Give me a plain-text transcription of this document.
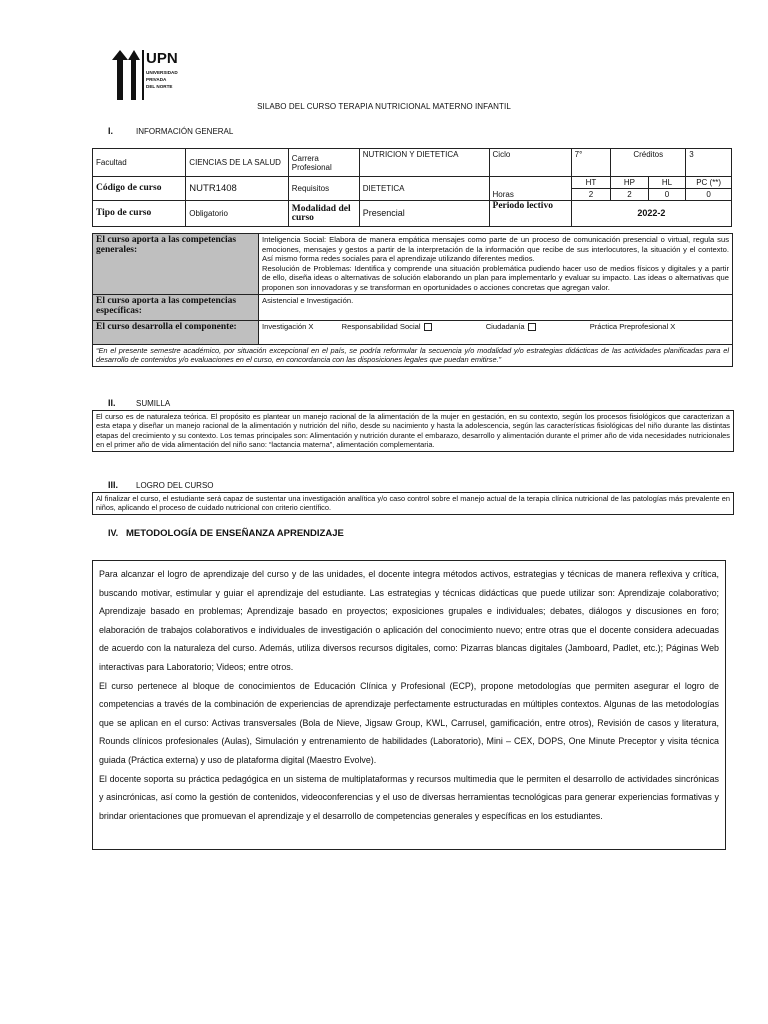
UPN
UNIVERSIDAD
PRIVADA
DEL NORTE
SILABO DEL CURSO TERAPIA NUTRICIONAL MATERNO INFANTIL
I.	INFORMACIÓN GENERAL
Facultad	CIENCIAS DE LA SALUD	Carrera Profesional	NUTRICION Y DIETETICA	Ciclo	7°	Créditos		3
Código de curso	NUTR1408	Requisitos	DIETETICA	Horas	HT	HP	HL	PC (**)
					2	2	0	0
Tipo de curso	Obligatorio	Modalidad del curso	Presencial	Periodo lectivo	2022-2			
El curso aporta a las competencias generales:	Inteligencia Social: Elabora de manera empática mensajes como parte de un proceso de comunicación presencial o virtual, regula sus emociones, mensajes y gestos a partir de la interpretación de la información que recibe de sus interlocutores, la situación y el contexto. Así mismo forma redes sociales para el aprendizaje utilizando diferentes medios.

Resolución de Problemas: Identifica y comprende una situación problemática pudiendo hacer uso de medios físicos y digitales y a partir de ello, diseña ideas o alternativas de solución elaborando un plan para implementarlo y evaluar su impacto. Las ideas o alternativas que proponen son innovadoras y se transforman en oportunidades o acciones concretas que agregan valor.

El curso aporta a las competencias específicas:	Asistencial e Investigación.
El curso desarrolla el componente:	Investigación X Responsabilidad Social Ciudadanía Práctica Preprofesional X
“En el presente semestre académico, por situación excepcional en el país, se podría reformular la secuencia y/o modalidad y/o estrategias didácticas de las actividades planificadas para el desarrollo de contenidos y/o evaluaciones en el curso, en concordancia con las disposiciones legales que puedan emitirse.”	
II.	SUMILLA
El curso es de naturaleza teórica. El propósito es plantear un manejo racional de la alimentación de la mujer en gestación, en su contexto, según los procesos fisiológicos que caracterizan a esta etapa y diseñar un manejo racional de la alimentación y nutrición del niño, desde su nacimiento y hasta la adolescencia, según las características fisiológicas del niño durante las distintas etapas del crecimiento y su contexto. Los temas principales son: Alimentación y nutrición durante el embarazo, desarrollo y alimentación durante el primer año de vida necesidades nutricionales en el primer año de vida alimentación del niño sano: “lactancia materna”, alimentación complementaria.
III.	LOGRO DEL CURSO
Al finalizar el curso, el estudiante será capaz de sustentar una investigación analítica y/o caso control sobre el manejo actual de la terapia clínica nutricional de las patologías más prevalente en niños, aplicando el proceso de cuidado nutricional con criterio científico.
IV. METODOLOGÍA DE ENSEÑANZA APRENDIZAJE

Para alcanzar el logro de aprendizaje del curso y de las unidades, el docente integra métodos activos, estrategias y técnicas de manera reflexiva y crítica, buscando motivar, estimular y guiar el aprendizaje del estudiante. Las estrategias y técnicas didácticas que puede utilizar son: Aprendizaje colaborativo; Aprendizaje basado en problemas; Aprendizaje basado en proyectos; exposiciones grupales e individuales; debates, diálogos y discusiones en foro; elaboración de trabajos colaborativos e individuales de investigación o aplicación del conocimiento nuevo; entre otras que el docente considera adecuadas de acuerdo con la naturaleza del curso. Además, utiliza diversos recursos digitales, como: Pizarras blancas digitales (Jamboard, Padlet, etc.); Páginas Web interactivas para Laboratorio; Videos; entre otros.

El curso pertenece al bloque de conocimientos de Educación Clínica y Profesional (ECP), propone metodologías que permiten asegurar el logro de competencias a través de la combinación de experiencias de aprendizaje perfectamente estructuradas en múltiples contextos. Algunas de las metodologías que se aplican en el curso: Activas transversales (Bola de Nieve, Jigsaw Group, KWL, Carrusel, gamificación, entre otros), Revisión de casos y literatura, Rounds clínicos profesionales (Aulas), Simulación y entrenamiento de habilidades (Laboratorio), Mini – CEX, DOPS, One Minute Preceptor y visita técnica guiada (Práctica externa) y uso de plataforma digital (Maestro Evolve).

El docente soporta su práctica pedagógica en un sistema de multiplataformas y recursos multimedia que le permiten el desarrollo de actividades sincrónicas y asincrónicas, así como la gestión de contenidos, videoconferencias y el uso de diversas herramientas tecnológicas para generar experiencias formativas y brindar orientaciones que promuevan el aprendizaje y el desarrollo de competencias generales y específicas en los estudiantes.
